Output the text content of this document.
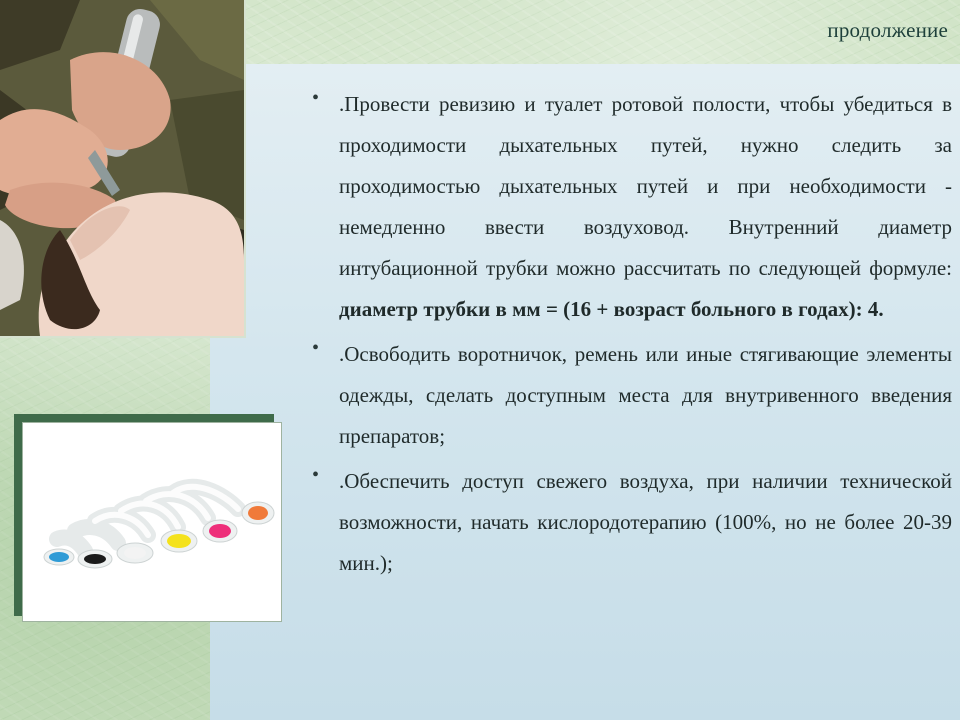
продолжение
• .Провести ревизию и туалет ротовой полости, чтобы убедиться в проходимости дыхательных путей, нужно следить за проходимостью дыхательных путей и при необходимости - немедленно ввести воздуховод. Внутренний диаметр интубационной трубки можно рассчитать по следующей формуле: диаметр трубки в мм = (16 + возраст больного в годах): 4.
• .Освободить воротничок, ремень или иные стягивающие элементы одежды, сделать доступным места для внутривенного введения препаратов;
• .Обеспечить доступ свежего воздуха, при наличии технической возможности, начать кислородотерапию (100%, но не более 20-39 мин.);
